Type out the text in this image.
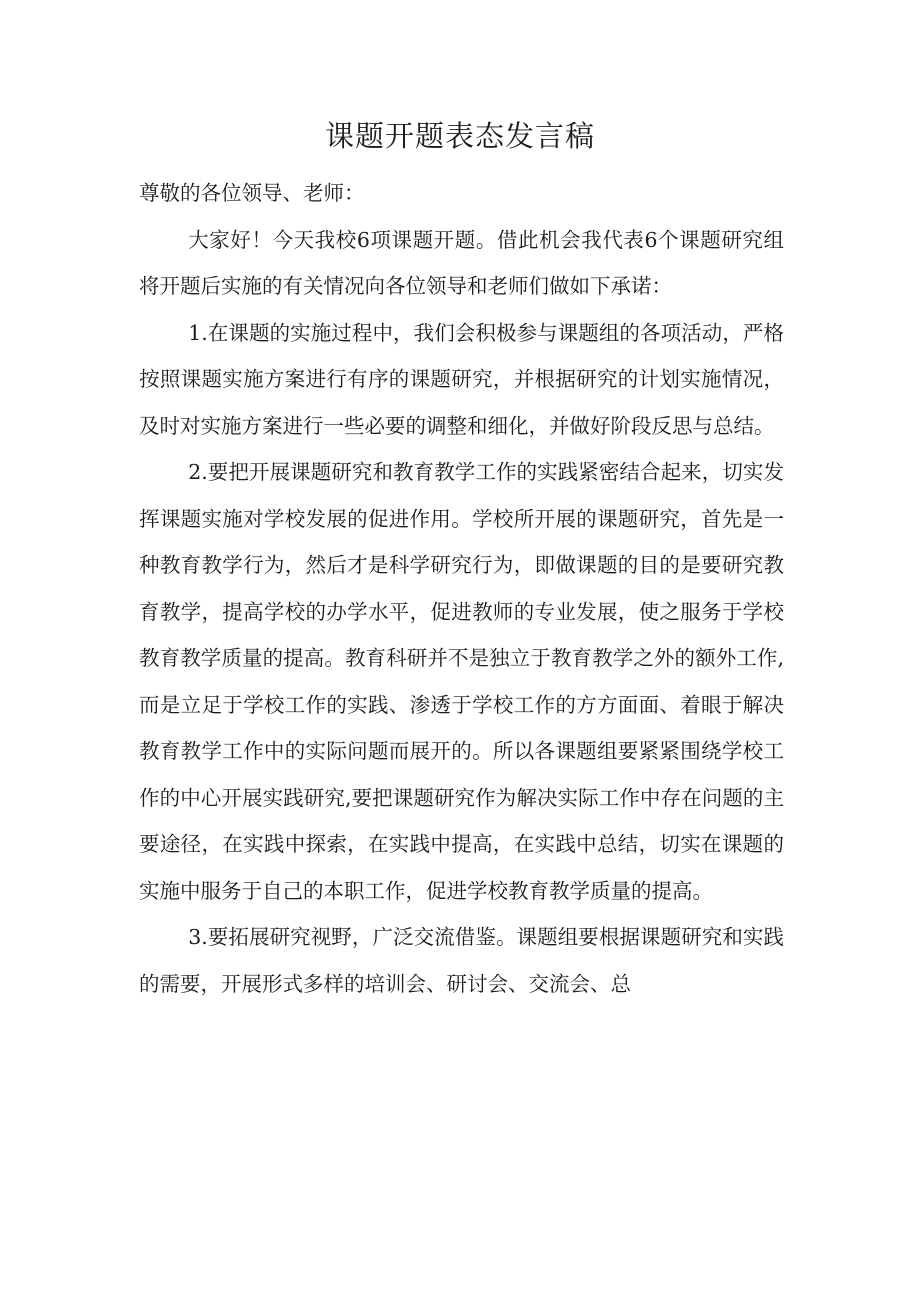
课题开题表态发言稿

尊敬的各位领导、老师：

大家好！今天我校6项课题开题。借此机会我代表6个课题研究组将开题后实施的有关情况向各位领导和老师们做如下承诺：

1.在课题的实施过程中，我们会积极参与课题组的各项活动，严格按照课题实施方案进行有序的课题研究，并根据研究的计划实施情况，及时对实施方案进行一些必要的调整和细化，并做好阶段反思与总结。

2.要把开展课题研究和教育教学工作的实践紧密结合起来，切实发挥课题实施对学校发展的促进作用。学校所开展的课题研究，首先是一种教育教学行为，然后才是科学研究行为，即做课题的目的是要研究教育教学，提高学校的办学水平，促进教师的专业发展，使之服务于学校教育教学质量的提高。教育科研并不是独立于教育教学之外的额外工作,而是立足于学校工作的实践、渗透于学校工作的方方面面、着眼于解决教育教学工作中的实际问题而展开的。所以各课题组要紧紧围绕学校工作的中心开展实践研究,要把课题研究作为解决实际工作中存在问题的主要途径，在实践中探索，在实践中提高，在实践中总结，切实在课题的实施中服务于自己的本职工作，促进学校教育教学质量的提高。

3.要拓展研究视野，广泛交流借鉴。课题组要根据课题研究和实践的需要，开展形式多样的培训会、研讨会、交流会、总
